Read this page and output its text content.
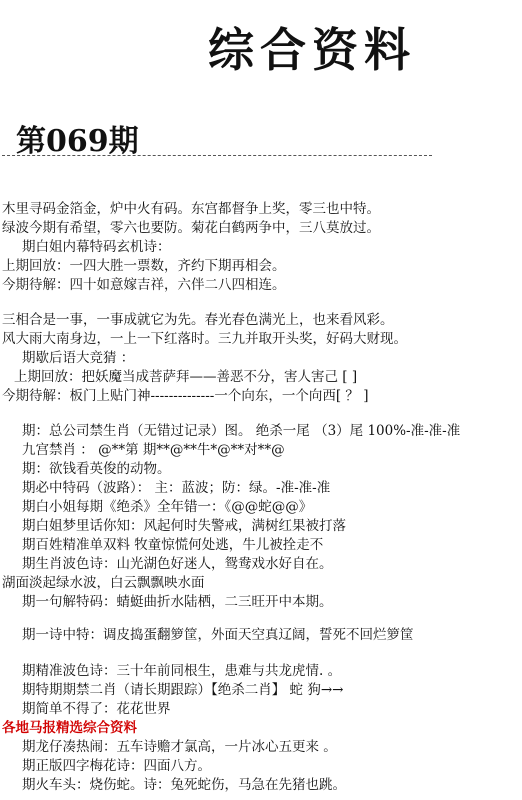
综合资料
第069期
木里寻码金箔金，炉中火有码。东宫都督争上奖，零三也中特。
绿波今期有希望，零六也要防。菊花白鹤两争中，三八莫放过。
期白姐内幕特码玄机诗：
上期回放：一四大胜一票数，齐约下期再相会。
今期待解：四十如意嫁吉祥，六伴二八四相连。
三相合是一事，一事成就它为先。春光春色满光上，也来看风彩。
风大雨大南身边，一上一下红落时。三九并取开头奖，好码大财现。
期歇后语大竞猜 ：
上期回放：把妖魔当成菩萨拜——善恶不分，害人害己 [ ]
今期待解：板门上贴门神--------------一个向东，一个向西[ ？ ]
期：总公司禁生肖（无错过记录）图。 绝杀一尾 （3）尾 100%-准-准-准
九宫禁肖 ： @**第 期**@**牛*@**对**@
期：欲钱看英俊的动物。
期必中特码（波路）： 主：蓝波；防：绿。-准-准-准
期白小姐每期《绝杀》全年错一：《@@蛇@@》
期白姐梦里话你知：风起何时失警戒，满树红果被打落
期百姓精准单双料 牧童惊慌何处逃，牛儿被拴走不
期生肖波色诗：山光湖色好迷人，鸳鸯戏水好自在。
湖面淡起绿水波，白云飘飘映水面
期一句解特码：蜻蜓曲折水陆栖，二三旺开中本期。
期一诗中特：调皮捣蛋翻箩筐，外面天空真辽阔，誓死不回烂箩筐
期精准波色诗：三十年前同根生，患难与共龙虎情. 。
期特期期禁二肖（请长期跟踪）【绝杀二肖】 蛇 狗→→
期简单不得了：花花世界
各地马报精选综合资料
期龙仔凑热闹：五车诗赡才氯高，一片冰心五更来 。
期正版四字梅花诗：四面八方。
期火车头：烧伤蛇。诗：兔死蛇伤，马急在先猪也跳。
